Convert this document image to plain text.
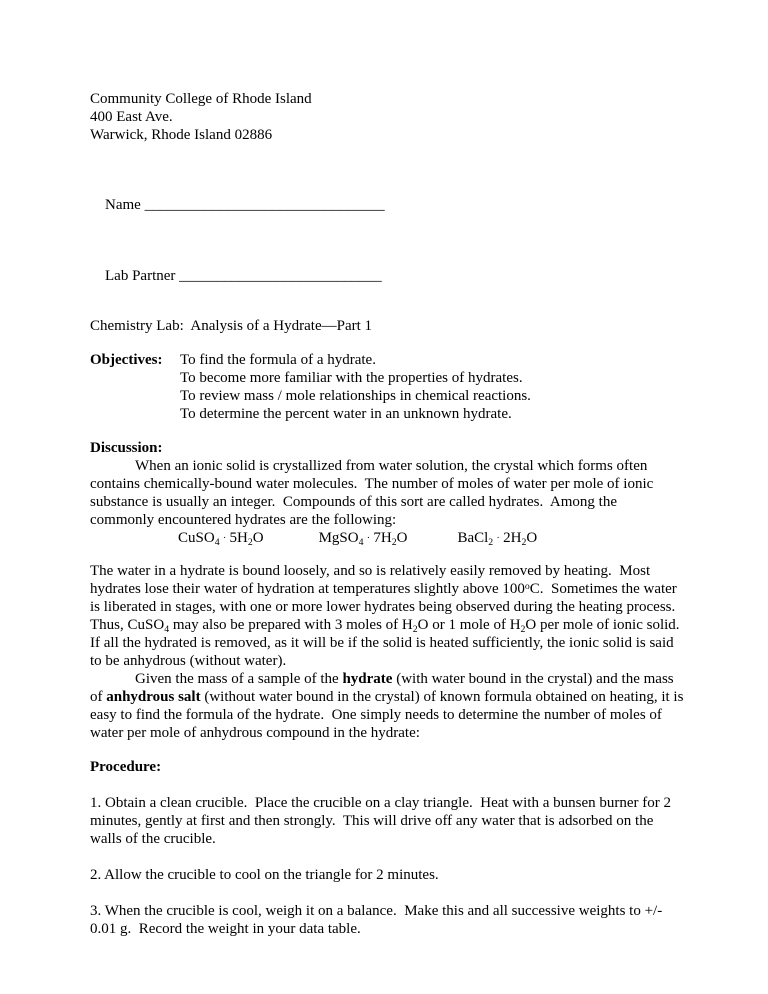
Community College of Rhode Island
400 East Ave.
Warwick, Rhode Island 02886

Name ________________________________

Lab Partner ___________________________

Chemistry Lab:  Analysis of a Hydrate—Part 1
Objectives:	To find the formula of a hydrate.
To become more familiar with the properties of hydrates.
To review mass / mole relationships in chemical reactions.
To determine the percent water in an unknown hydrate.
Discussion:

When an ionic solid is crystallized from water solution, the crystal which forms often contains chemically-bound water molecules.  The number of moles of water per mole of ionic substance is usually an integer.  Compounds of this sort are called hydrates.  Among the commonly encountered hydrates are the following:

CuSO$_4$ . $5H_2O$	MgSO$_4$ . $7H_2O$	BaCl$_2$ . $2H_2O$

The water in a hydrate is bound loosely, and so is relatively easily removed by heating.  Most hydrates lose their water of hydration at temperatures slightly above 100$^o$C.  Sometimes the water is liberated in stages, with one or more lower hydrates being observed during the heating process.  Thus, CuSO$_4$ may also be prepared with 3 moles of $H_2O$ or 1 mole of $H_2O$ per mole of ionic solid.  If all the hydrated is removed, as it will be if the solid is heated sufficiently, the ionic solid is said to be anhydrous (without water).

Given the mass of a sample of the hydrate (with water bound in the crystal) and the mass of anhydrous salt (without water bound in the crystal) of known formula obtained on heating, it is easy to find the formula of the hydrate.  One simply needs to determine the number of moles of water per mole of anhydrous compound in the hydrate:

Procedure:

1. Obtain a clean crucible.  Place the crucible on a clay triangle.  Heat with a bunsen burner for 2 minutes, gently at first and then strongly.  This will drive off any water that is adsorbed on the walls of the crucible.

2. Allow the crucible to cool on the triangle for 2 minutes.

3. When the crucible is cool, weigh it on a balance.  Make this and all successive weights to +/- 0.01 g.  Record the weight in your data table.
